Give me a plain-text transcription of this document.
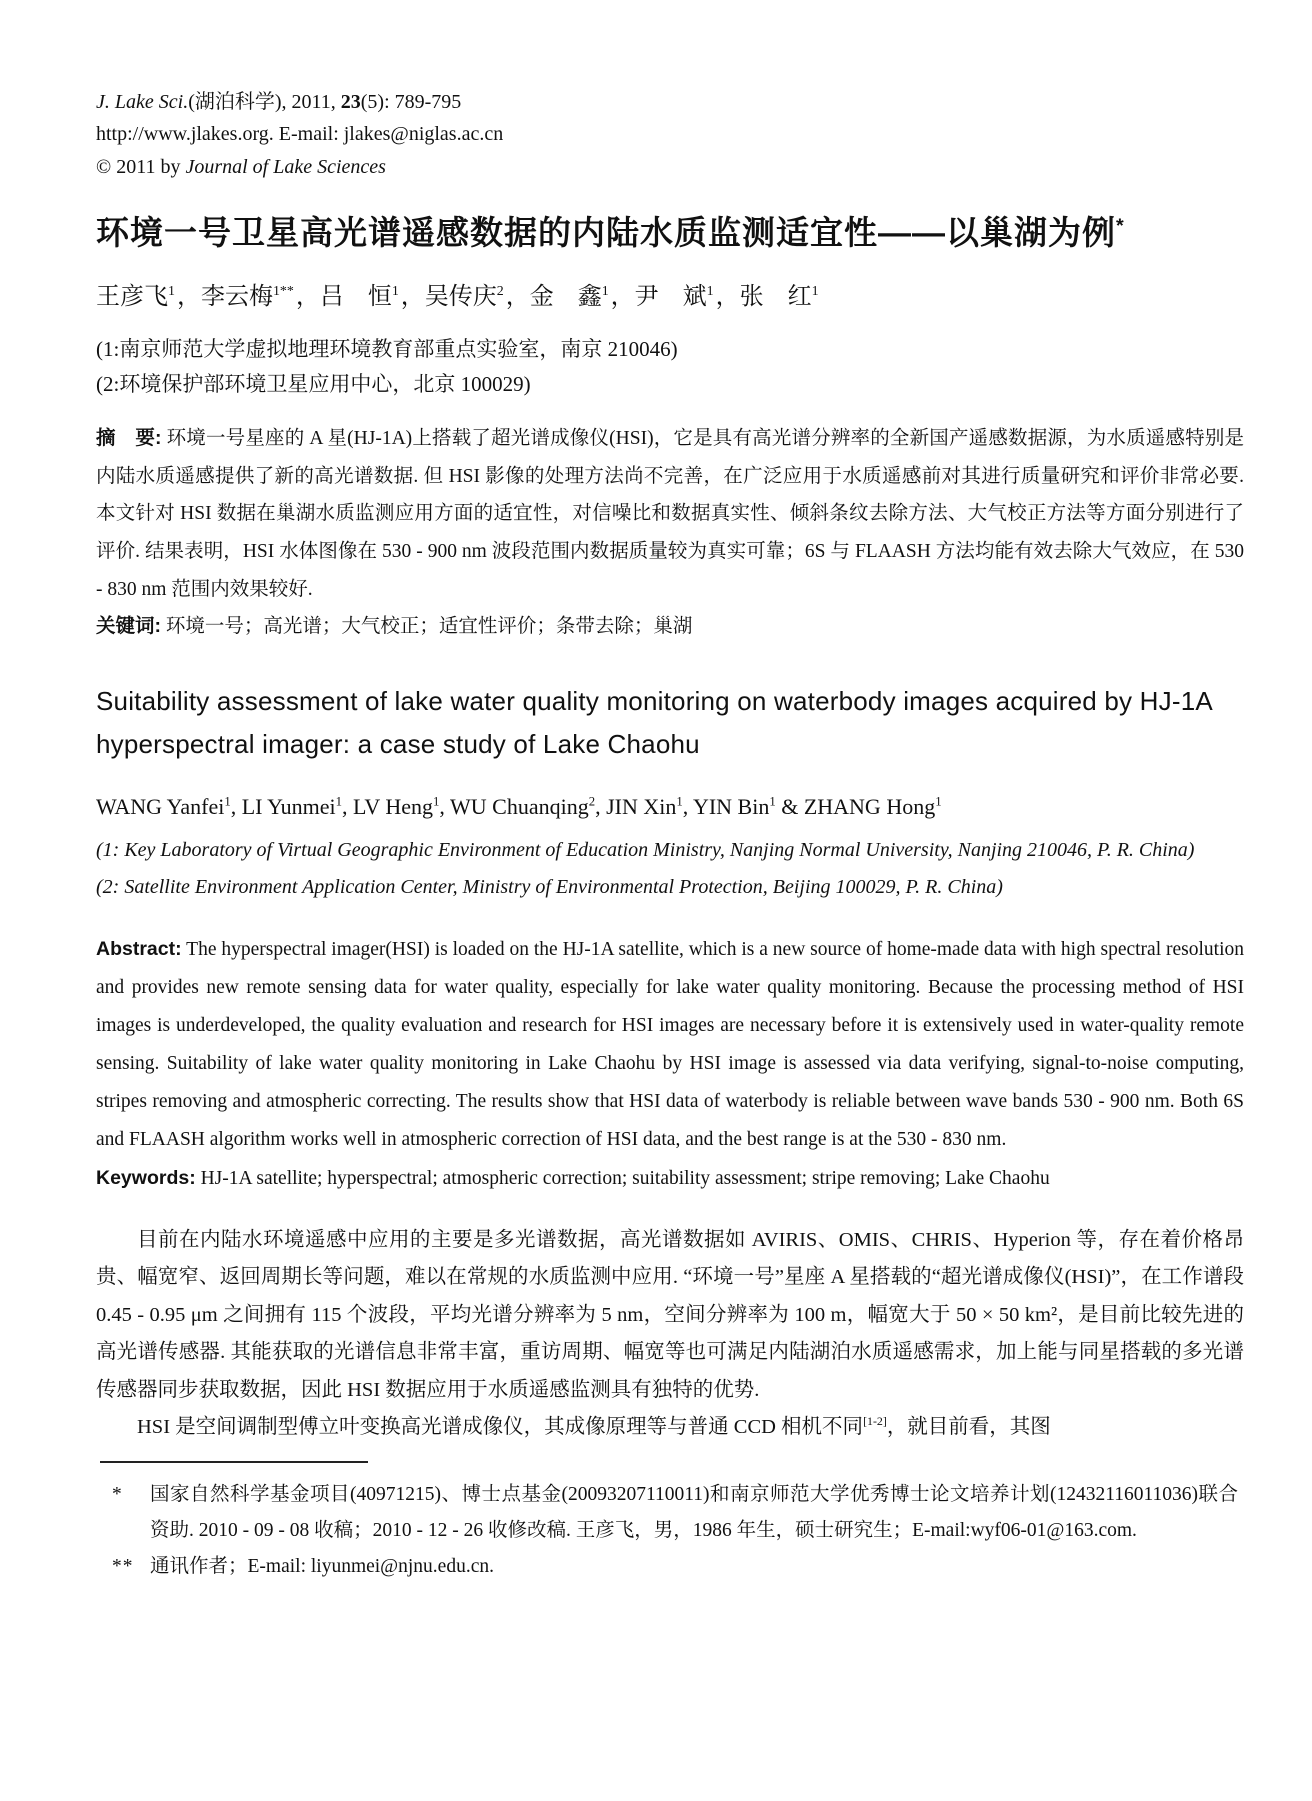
J. Lake Sci.(湖泊科学), 2011, 23(5): 789-795
http://www.jlakes.org. E-mail: jlakes@niglas.ac.cn
© 2011 by Journal of Lake Sciences
环境一号卫星高光谱遥感数据的内陆水质监测适宜性——以巢湖为例*
王彦飞$^1$，李云梅$^{1**}$，吕　恒$^1$，吴传庆$^2$，金　鑫$^1$，尹　斌$^1$，张　红$^1$
(1:南京师范大学虚拟地理环境教育部重点实验室，南京 210046)
(2:环境保护部环境卫星应用中心，北京 100029)
摘　要: 环境一号星座的 A 星(HJ-1A)上搭载了超光谱成像仪(HSI)，它是具有高光谱分辨率的全新国产遥感数据源，为水质遥感特别是内陆水质遥感提供了新的高光谱数据. 但 HSI 影像的处理方法尚不完善，在广泛应用于水质遥感前对其进行质量研究和评价非常必要. 本文针对 HSI 数据在巢湖水质监测应用方面的适宜性，对信噪比和数据真实性、倾斜条纹去除方法、大气校正方法等方面分别进行了评价. 结果表明，HSI 水体图像在 530 - 900 nm 波段范围内数据质量较为真实可靠；6S 与 FLAASH 方法均能有效去除大气效应，在 530 - 830 nm 范围内效果较好.
关键词: 环境一号；高光谱；大气校正；适宜性评价；条带去除；巢湖
Suitability assessment of lake water quality monitoring on waterbody images acquired by HJ-1A hyperspectral imager: a case study of Lake Chaohu
WANG Yanfei$^1$, LI Yunmei$^1$, LV Heng$^1$, WU Chuanqing$^2$, JIN Xin$^1$, YIN Bin$^1$ & ZHANG Hong$^1$
(1: Key Laboratory of Virtual Geographic Environment of Education Ministry, Nanjing Normal University, Nanjing 210046, P. R. China)
(2: Satellite Environment Application Center, Ministry of Environmental Protection, Beijing 100029, P. R. China)
Abstract: The hyperspectral imager(HSI) is loaded on the HJ-1A satellite, which is a new source of home-made data with high spectral resolution and provides new remote sensing data for water quality, especially for lake water quality monitoring. Because the processing method of HSI images is underdeveloped, the quality evaluation and research for HSI images are necessary before it is extensively used in water-quality remote sensing. Suitability of lake water quality monitoring in Lake Chaohu by HSI image is assessed via data verifying, signal-to-noise computing, stripes removing and atmospheric correcting. The results show that HSI data of waterbody is reliable between wave bands 530 - 900 nm. Both 6S and FLAASH algorithm works well in atmospheric correction of HSI data, and the best range is at the 530 - 830 nm.
Keywords: HJ-1A satellite; hyperspectral; atmospheric correction; suitability assessment; stripe removing; Lake Chaohu

目前在内陆水环境遥感中应用的主要是多光谱数据，高光谱数据如 AVIRIS、OMIS、CHRIS、Hyperion 等，存在着价格昂贵、幅宽窄、返回周期长等问题，难以在常规的水质监测中应用. “环境一号”星座 A 星搭载的“超光谱成像仪(HSI)”，在工作谱段 0.45 - 0.95 μm 之间拥有 115 个波段，平均光谱分辨率为 5 nm，空间分辨率为 100 m，幅宽大于 50 × 50 km²，是目前比较先进的高光谱传感器. 其能获取的光谱信息非常丰富，重访周期、幅宽等也可满足内陆湖泊水质遥感需求，加上能与同星搭载的多光谱传感器同步获取数据，因此 HSI 数据应用于水质遥感监测具有独特的优势.

HSI 是空间调制型傅立叶变换高光谱成像仪，其成像原理等与普通 CCD 相机不同[1-2]，就目前看，其图

*	国家自然科学基金项目(40971215)、博士点基金(20093207110011)和南京师范大学优秀博士论文培养计划(12432116011036)联合资助. 2010 - 09 - 08 收稿；2010 - 12 - 26 收修改稿. 王彦飞，男，1986 年生，硕士研究生；E-mail:wyf06-01@163.com.
** 通讯作者；E-mail: liyunmei@njnu.edu.cn.
